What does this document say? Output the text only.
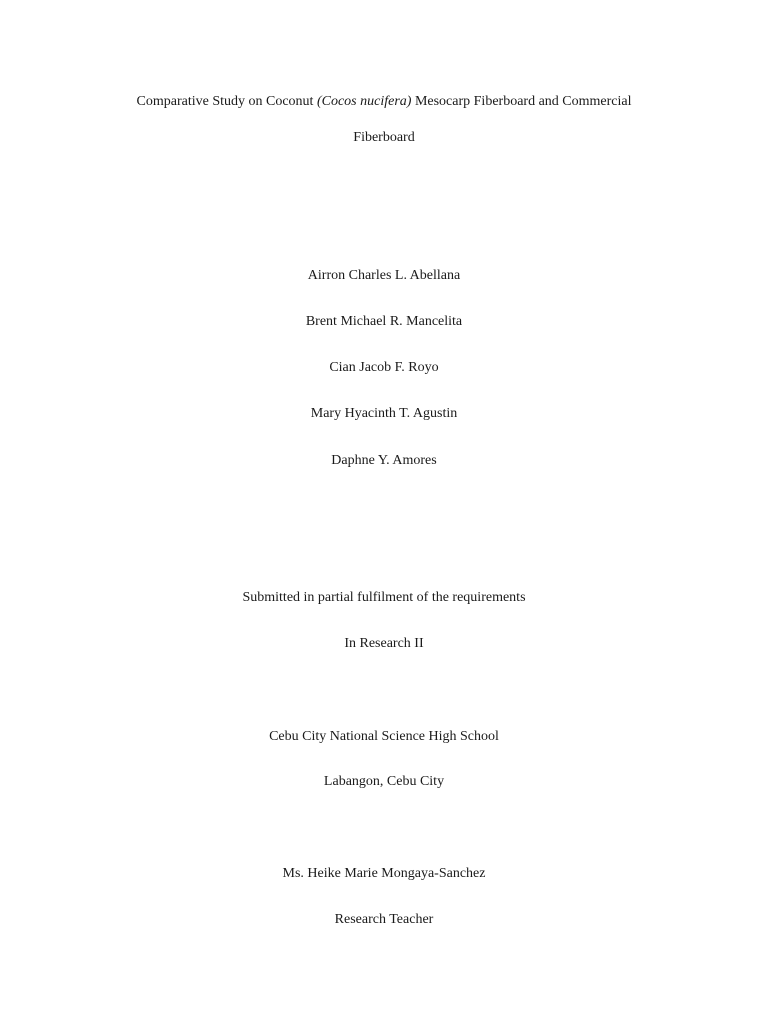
Comparative Study on Coconut (Cocos nucifera) Mesocarp Fiberboard and Commercial
Fiberboard
Airron Charles L. Abellana
Brent Michael R. Mancelita
Cian Jacob F. Royo
Mary Hyacinth T. Agustin
Daphne Y. Amores
Submitted in partial fulfilment of the requirements
In Research II
Cebu City National Science High School
Labangon, Cebu City
Ms. Heike Marie Mongaya-Sanchez
Research Teacher
